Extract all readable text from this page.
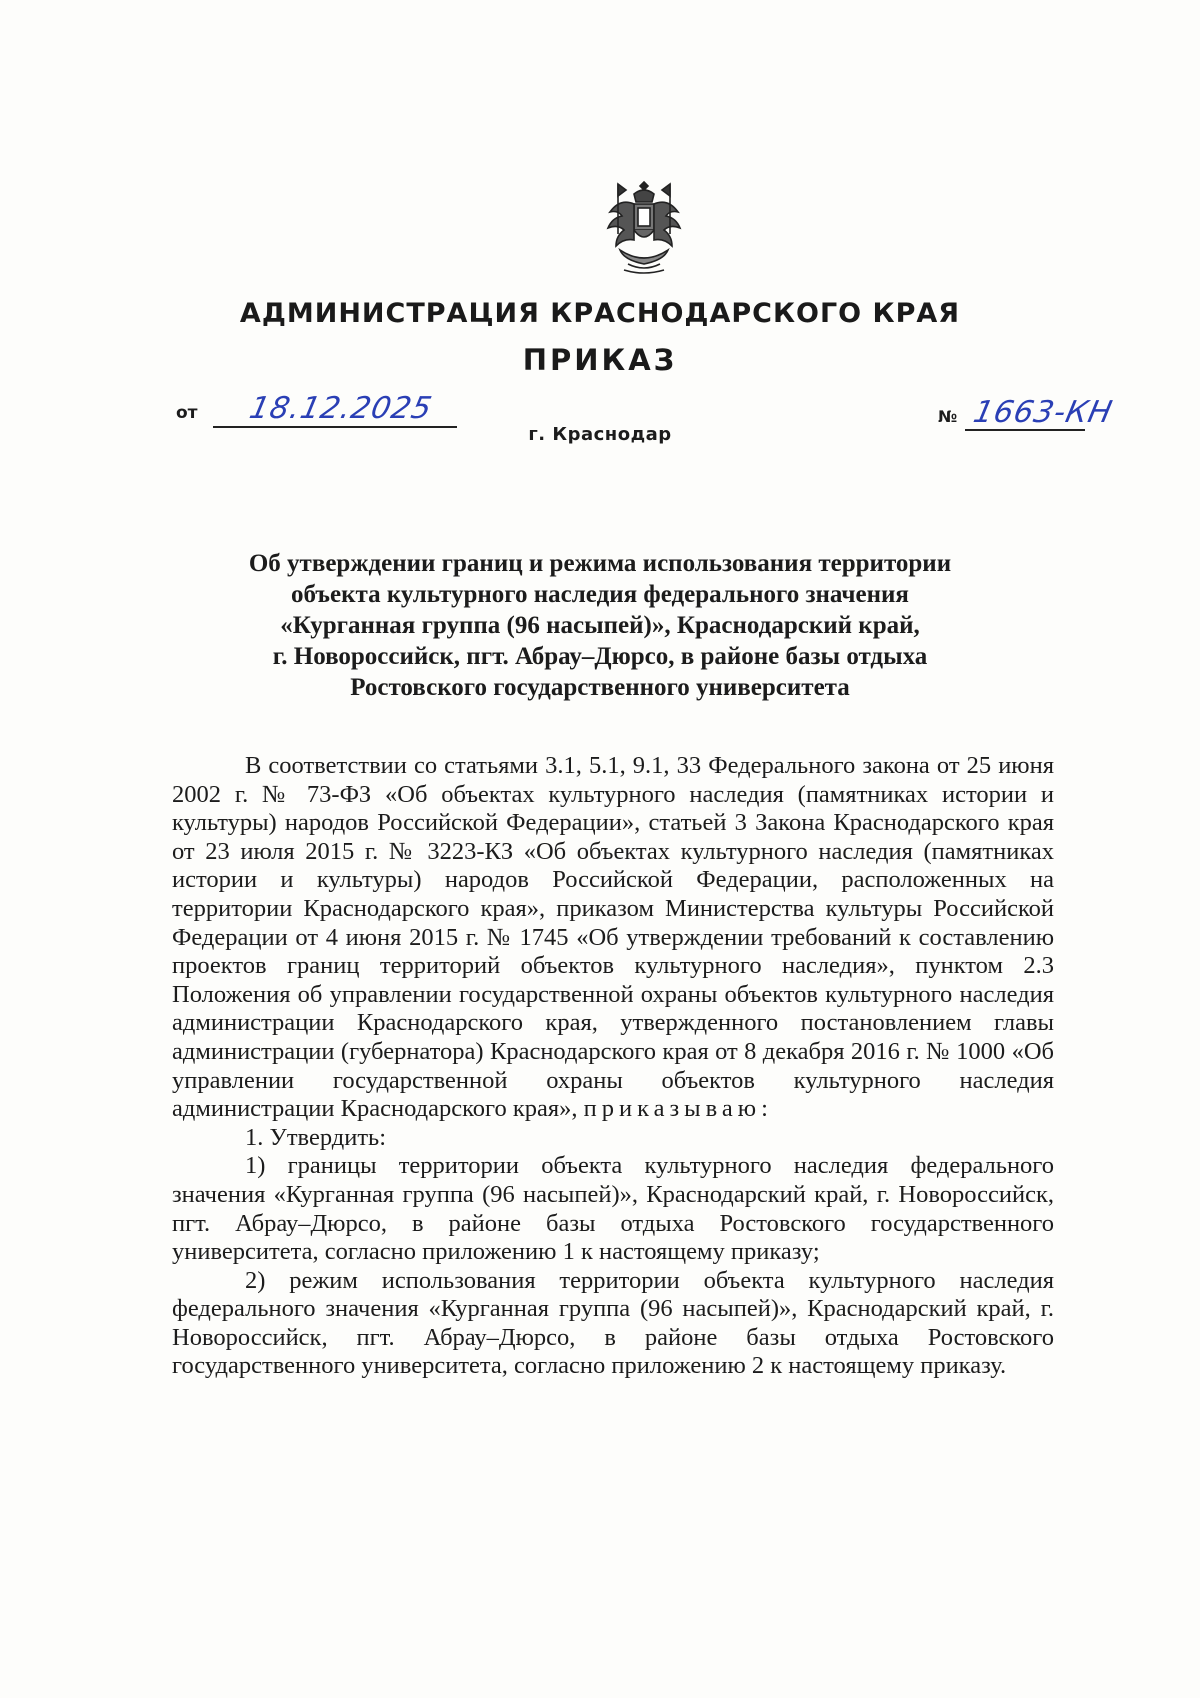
АДМИНИСТРАЦИЯ КРАСНОДАРСКОГО КРАЯ
ПРИКАЗ
от 18.12.2025	№ 1663-КН
г. Краснодар
Об утверждении границ и режима использования территории
объекта культурного наследия федерального значения
«Курганная группа (96 насыпей)», Краснодарский край,
г. Новороссийск, пгт. Абрау–Дюрсо, в районе базы отдыха
Ростовского государственного университета

В соответствии со статьями 3.1, 5.1, 9.1, 33 Федерального закона от 25 июня 2002 г. № 73-ФЗ «Об объектах культурного наследия (памятниках истории и культуры) народов Российской Федерации», статьей 3 Закона Краснодарского края от 23 июля 2015 г. № 3223-КЗ «Об объектах культурного наследия (памятниках истории и культуры) народов Российской Федерации, расположенных на территории Краснодарского края», приказом Министерства культуры Российской Федерации от 4 июня 2015 г. № 1745 «Об утверждении требований к составлению проектов границ территорий объектов культурного наследия», пунктом 2.3 Положения об управлении государственной охраны объектов культурного наследия администрации Краснодарского края, утвержденного постановлением главы администрации (губернатора) Краснодарского края от 8 декабря 2016 г. № 1000 «Об управлении государственной охраны объектов культурного наследия администрации Краснодарского края», приказываю:

1. Утвердить:

1) границы территории объекта культурного наследия федерального значения «Курганная группа (96 насыпей)», Краснодарский край, г. Новороссийск, пгт. Абрау–Дюрсо, в районе базы отдыха Ростовского государственного университета, согласно приложению 1 к настоящему приказу;

2) режим использования территории объекта культурного наследия федерального значения «Курганная группа (96 насыпей)», Краснодарский край, г. Новороссийск, пгт. Абрау–Дюрсо, в районе базы отдыха Ростовского государственного университета, согласно приложению 2 к настоящему приказу.
